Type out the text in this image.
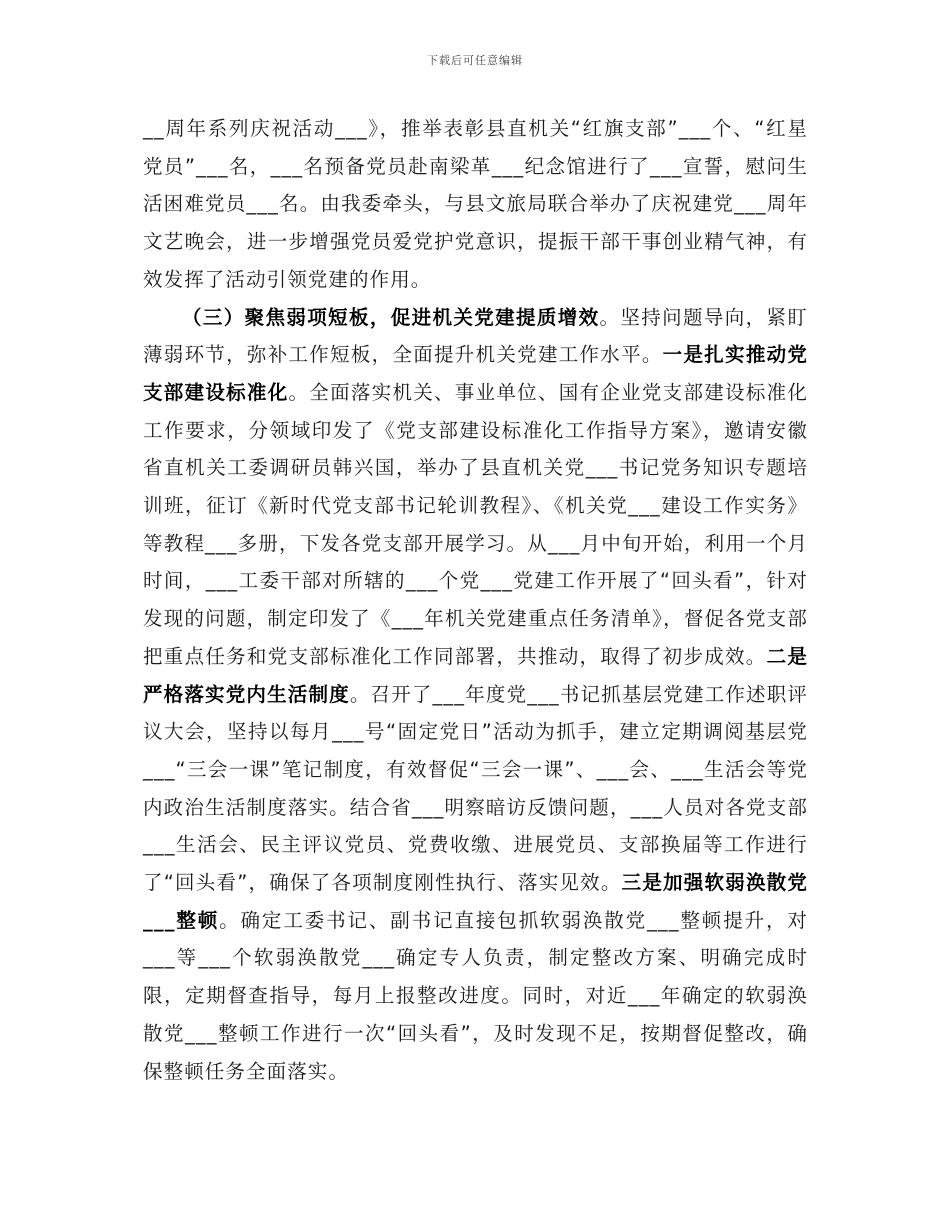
下载后可任意编辑

__周年系列庆祝活动___》，推举表彰县直机关“红旗支部”___个、“红星党员”___名，___名预备党员赴南梁革___纪念馆进行了___宣誓，慰问生活困难党员___名。由我委牵头，与县文旅局联合举办了庆祝建党___周年文艺晚会，进一步增强党员爱党护党意识，提振干部干事创业精气神，有效发挥了活动引领党建的作用。

（三）聚焦弱项短板，促进机关党建提质增效。坚持问题导向，紧盯薄弱环节，弥补工作短板，全面提升机关党建工作水平。一是扎实推动党支部建设标准化。全面落实机关、事业单位、国有企业党支部建设标准化工作要求，分领域印发了《党支部建设标准化工作指导方案》，邀请安徽省直机关工委调研员韩兴国，举办了县直机关党___书记党务知识专题培训班，征订《新时代党支部书记轮训教程》、《机关党___建设工作实务》等教程___多册，下发各党支部开展学习。从___月中旬开始，利用一个月时间，___工委干部对所辖的___个党___党建工作开展了“回头看”，针对发现的问题，制定印发了《___年机关党建重点任务清单》，督促各党支部把重点任务和党支部标准化工作同部署，共推动，取得了初步成效。二是严格落实党内生活制度。召开了___年度党___书记抓基层党建工作述职评议大会，坚持以每月___号“固定党日”活动为抓手，建立定期调阅基层党___“三会一课”笔记制度，有效督促“三会一课”、___会、___生活会等党内政治生活制度落实。结合省___明察暗访反馈问题，___人员对各党支部___生活会、民主评议党员、党费收缴、进展党员、支部换届等工作进行了“回头看”，确保了各项制度刚性执行、落实见效。三是加强软弱涣散党___整顿。确定工委书记、副书记直接包抓软弱涣散党___整顿提升，对___等___个软弱涣散党___确定专人负责，制定整改方案、明确完成时限，定期督查指导，每月上报整改进度。同时，对近___年确定的软弱涣散党___整顿工作进行一次“回头看”，及时发现不足，按期督促整改，确保整顿任务全面落实。
